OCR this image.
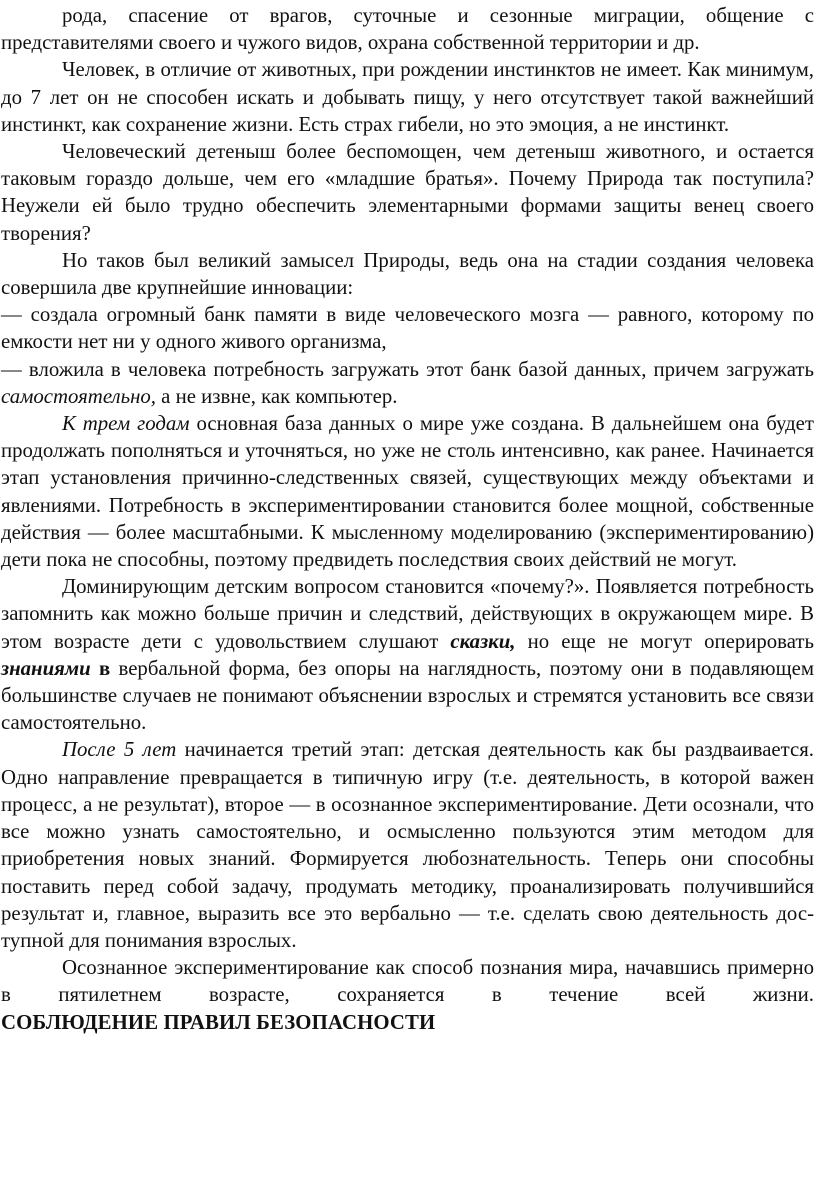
рода, спасение от врагов, суточные и сезонные миграции, общение с представителями своего и чужого видов, охрана собственной территории и др.

Человек, в отличие от животных, при рождении инстинктов не имеет. Как минимум, до 7 лет он не способен искать и добывать пищу, у него отсутствует такой важнейший инстинкт, как сохранение жизни. Есть страх гибели, но это эмоция, а не инстинкт.

Человеческий детеныш более беспомощен, чем детеныш животного, и остается таковым гораздо дольше, чем его «младшие братья». Почему Природа так поступила? Неужели ей было трудно обеспечить элементарными формами защиты венец своего творения?

Но таков был великий замысел Природы, ведь она на стадии создания человека совершила две крупнейшие инновации:

— создала огромный банк памяти в виде человеческого мозга — равного, которому по емкости нет ни у одного живого организма,

— вложила в человека потребность загружать этот банк базой данных, причем загружать самостоятельно, а не извне, как компьютер.

К трем годам основная база данных о мире уже создана. В дальнейшем она будет продолжать пополняться и уточняться, но уже не столь интенсивно, как ранее. Начинается этап установления причинно-следственных связей, существующих между объектами и явлениями. Потребность в экспериментировании становится более мощной, собственные действия — более масштабными. К мысленному моделированию (экспериментированию) дети пока не способны, поэтому предвидеть последствия своих действий не могут.

Доминирующим детским вопросом становится «почему?». Появляется потребность запомнить как можно больше причин и следствий, действующих в окружающем мире. В этом возрасте дети с удовольствием слушают сказки, но еще не могут оперировать знаниями в вербальной форма, без опоры на наглядность, поэтому они в подавляющем большинстве случаев не понимают объяснении взрослых и стремятся установить все связи самостоятельно.

После 5 лет начинается третий этап: детская деятельность как бы раздваивается. Одно направление превращается в типичную игру (т.е. деятельность, в которой важен процесс, а не результат), второе — в осознанное экспериментирование. Дети осознали, что все можно узнать самостоятельно, и осмысленно пользуются этим методом для приобретения новых знаний. Формируется любознательность. Теперь они способны поставить перед собой задачу, продумать методику, проанализировать получившийся результат и, главное, выразить все это вербально — т.е. сделать свою деятельность доступной для понимания взрослых.

Осознанное экспериментирование как способ познания мира, начавшись примерно в пятилетнем возрасте, сохраняется в течение всей жизни.

СОБЛЮДЕНИЕ ПРАВИЛ БЕЗОПАСНОСТИ
